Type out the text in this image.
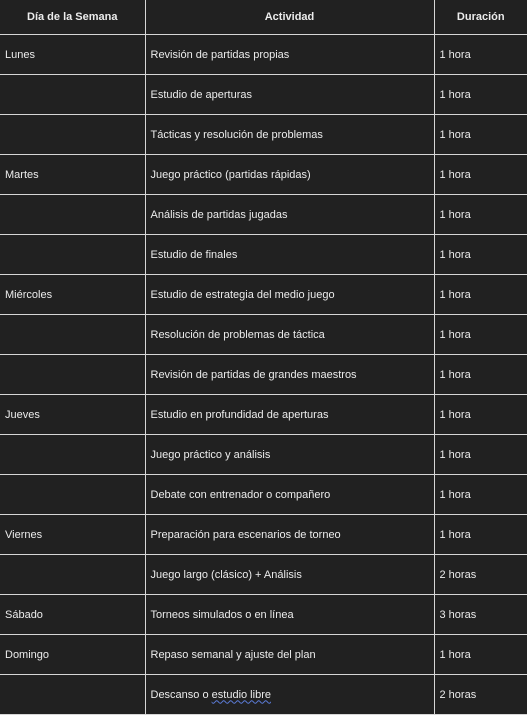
Día de la Semana	Actividad	Duración
Lunes	Revisión de partidas propias	1 hora
	Estudio de aperturas	1 hora
	Tácticas y resolución de problemas	1 hora
Martes	Juego práctico (partidas rápidas)	1 hora
	Análisis de partidas jugadas	1 hora
	Estudio de finales	1 hora
Miércoles	Estudio de estrategia del medio juego	1 hora
	Resolución de problemas de táctica	1 hora
	Revisión de partidas de grandes maestros	1 hora
Jueves	Estudio en profundidad de aperturas	1 hora
	Juego práctico y análisis	1 hora
	Debate con entrenador o compañero	1 hora
Viernes	Preparación para escenarios de torneo	1 hora
	Juego largo (clásico) + Análisis	2 horas
Sábado	Torneos simulados o en línea	3 horas
Domingo	Repaso semanal y ajuste del plan	1 hora
	Descanso o estudio libre	2 horas
